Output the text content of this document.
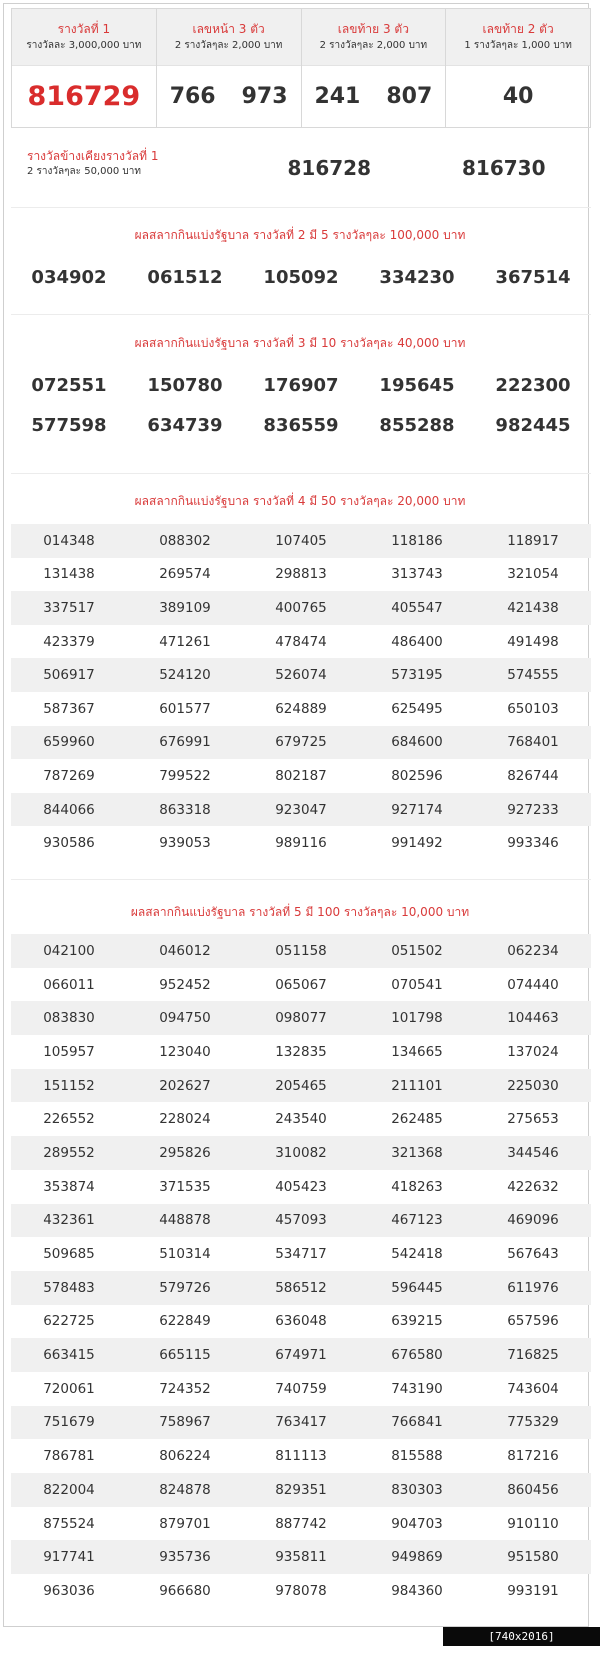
รางวัลที่ 1
รางวัลละ 3,000,000 บาท
816729
เลขหน้า 3 ตัว
2 รางวัลๆละ 2,000 บาท
766 973
เลขท้าย 3 ตัว
2 รางวัลๆละ 2,000 บาท
241 807
เลขท้าย 2 ตัว
1 รางวัลๆละ 1,000 บาท
40
รางวัลข้างเคียงรางวัลที่ 1
2 รางวัลๆละ 50,000 บาท	816728	816730
ผลสลากกินแบ่งรัฐบาล รางวัลที่ 2 มี 5 รางวัลๆละ 100,000 บาท
034902	061512	105092	334230	367514
ผลสลากกินแบ่งรัฐบาล รางวัลที่ 3 มี 10 รางวัลๆละ 40,000 บาท
072551	150780	176907	195645	222300
577598	634739	836559	855288	982445
ผลสลากกินแบ่งรัฐบาล รางวัลที่ 4 มี 50 รางวัลๆละ 20,000 บาท
014348	088302	107405	118186	118917
131438	269574	298813	313743	321054
337517	389109	400765	405547	421438
423379	471261	478474	486400	491498
506917	524120	526074	573195	574555
587367	601577	624889	625495	650103
659960	676991	679725	684600	768401
787269	799522	802187	802596	826744
844066	863318	923047	927174	927233
930586	939053	989116	991492	993346
ผลสลากกินแบ่งรัฐบาล รางวัลที่ 5 มี 100 รางวัลๆละ 10,000 บาท
042100	046012	051158	051502	062234
066011	952452	065067	070541	074440
083830	094750	098077	101798	104463
105957	123040	132835	134665	137024
151152	202627	205465	211101	225030
226552	228024	243540	262485	275653
289552	295826	310082	321368	344546
353874	371535	405423	418263	422632
432361	448878	457093	467123	469096
509685	510314	534717	542418	567643
578483	579726	586512	596445	611976
622725	622849	636048	639215	657596
663415	665115	674971	676580	716825
720061	724352	740759	743190	743604
751679	758967	763417	766841	775329
786781	806224	811113	815588	817216
822004	824878	829351	830303	860456
875524	879701	887742	904703	910110
917741	935736	935811	949869	951580
963036	966680	978078	984360	993191
[740x2016] http://upic.me/
